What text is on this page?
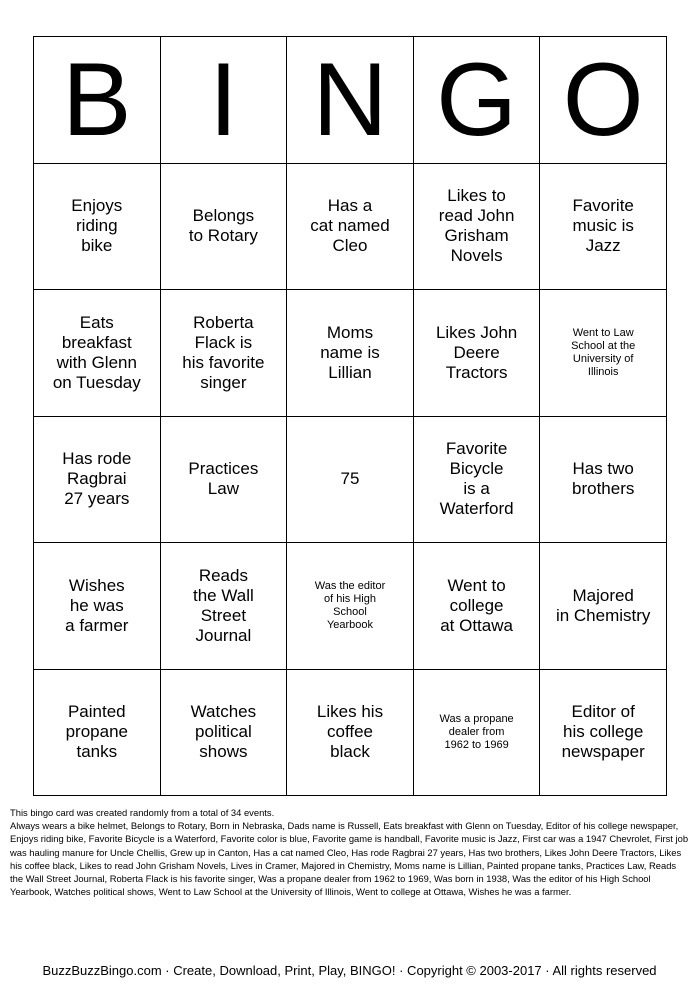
B I N G O
Enjoys
riding
bike
Belongs
to Rotary
Has a
cat named
Cleo
Likes to
read John
Grisham
Novels
Favorite
music is
Jazz
Eats
breakfast
with Glenn
on Tuesday
Roberta
Flack is
his favorite
singer
Moms
name is
Lillian
Likes John
Deere
Tractors
Went to Law
School at the
University of
Illinois
Has rode
Ragbrai
27 years
Practices
Law
75
Favorite
Bicycle
is a
Waterford
Has two
brothers
Wishes
he was
a farmer
Reads
the Wall
Street
Journal
Was the editor
of his High
School
Yearbook
Went to
college
at Ottawa
Majored
in Chemistry
Painted
propane
tanks
Watches
political
shows
Likes his
coffee
black
Was a propane
dealer from
1962 to 1969
Editor of
his college
newspaper

This bingo card was created randomly from a total of 34 events.

Always wears a bike helmet, Belongs to Rotary, Born in Nebraska, Dads name is Russell, Eats breakfast with Glenn on Tuesday, Editor of his college newspaper, Enjoys riding bike, Favorite Bicycle is a Waterford, Favorite color is blue, Favorite game is handball, Favorite music is Jazz, First car was a 1947 Chevrolet, First job was hauling manure for Uncle Chellis, Grew up in Canton, Has a cat named Cleo, Has rode Ragbrai 27 years, Has two brothers, Likes John Deere Tractors, Likes his coffee black, Likes to read John Grisham Novels, Lives in Cramer, Majored in Chemistry, Moms name is Lillian, Painted propane tanks, Practices Law, Reads the Wall Street Journal, Roberta Flack is his favorite singer, Was a propane dealer from 1962 to 1969, Was born in 1938, Was the editor of his High School Yearbook, Watches political shows, Went to Law School at the University of Illinois, Went to college at Ottawa, Wishes he was a farmer.

BuzzBuzzBingo.com · Create, Download, Print, Play, BINGO! · Copyright © 2003-2017 · All rights reserved
